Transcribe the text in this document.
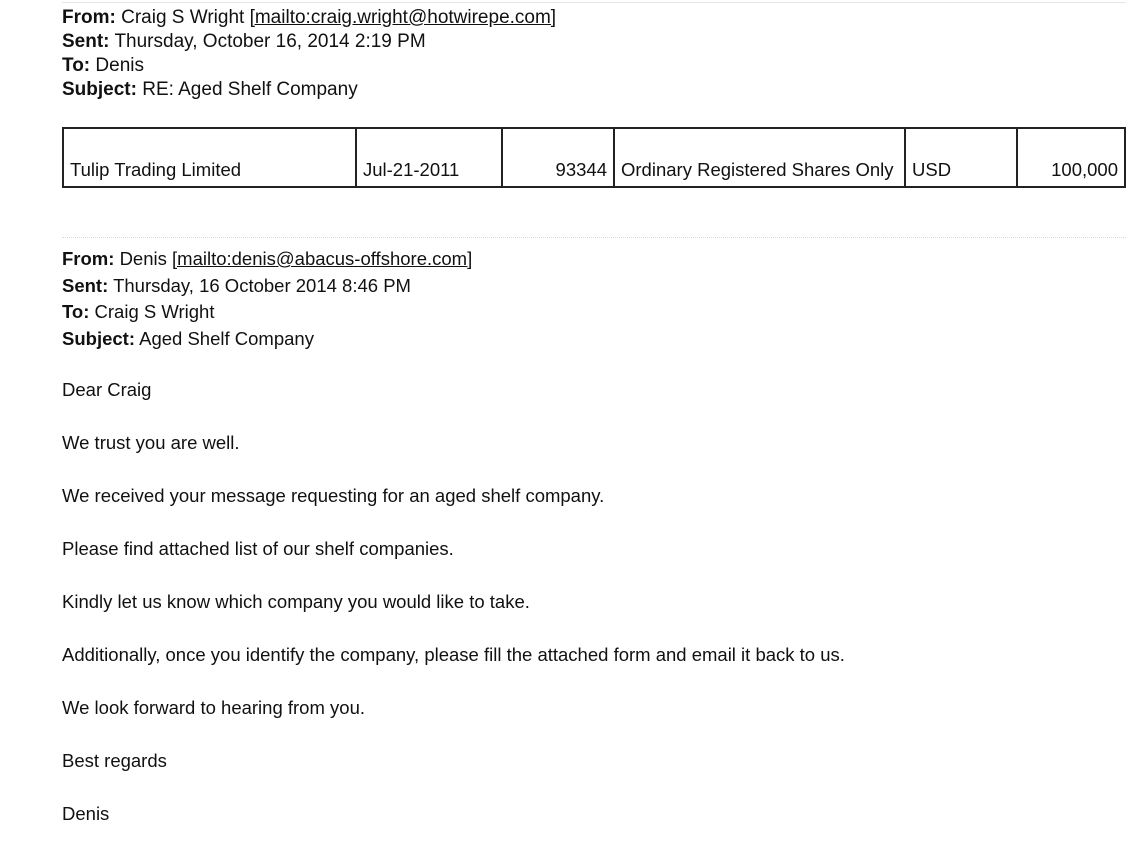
From: Craig S Wright [mailto:craig.wright@hotwirepe.com]
Sent: Thursday, October 16, 2014 2:19 PM
To: Denis
Subject: RE: Aged Shelf Company
Tulip Trading Limited	Jul-21-2011	93344	Ordinary Registered Shares Only	USD	100,000
From: Denis [mailto:denis@abacus-offshore.com]
Sent: Thursday, 16 October 2014 8:46 PM
To: Craig S Wright
Subject: Aged Shelf Company

Dear Craig

We trust you are well.

We received your message requesting for an aged shelf company.

Please find attached list of our shelf companies.

Kindly let us know which company you would like to take.

Additionally, once you identify the company, please fill the attached form and email it back to us.

We look forward to hearing from you.

Best regards

Denis
